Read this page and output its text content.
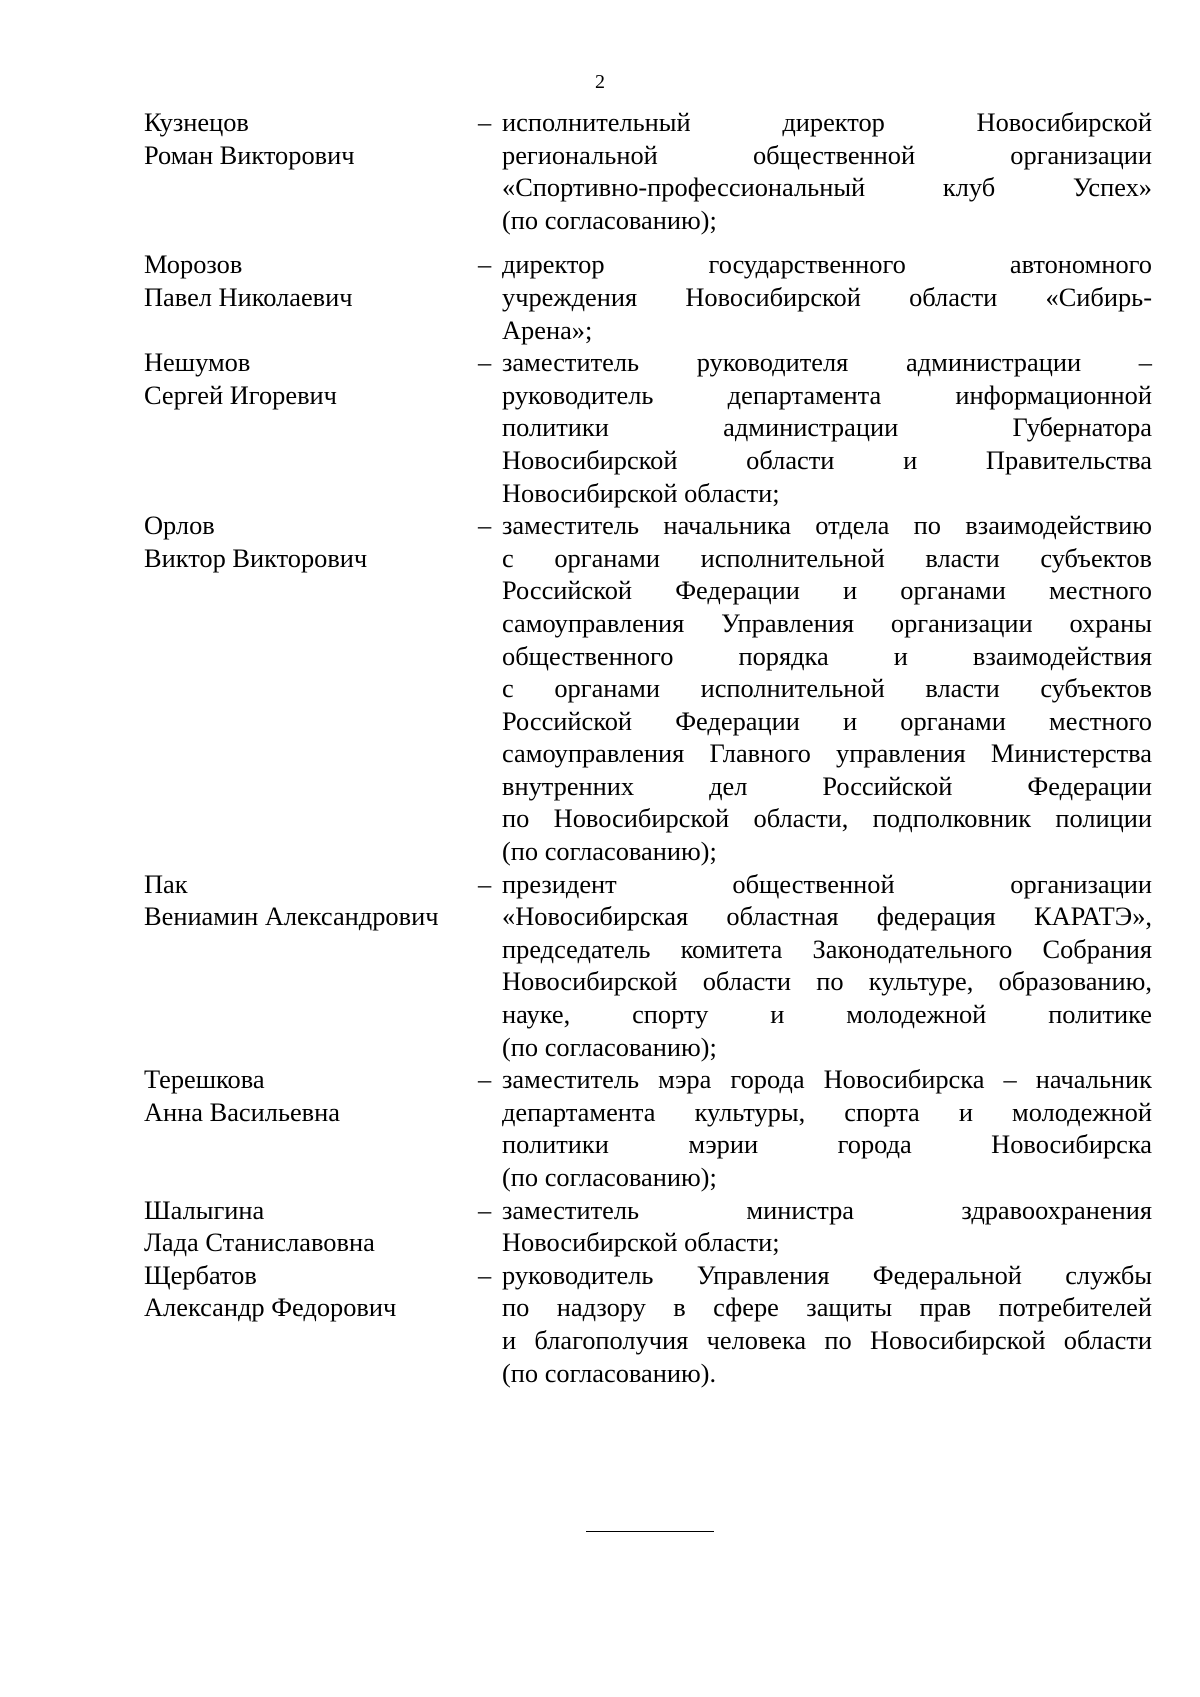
2
Кузнецов
Роман Викторович
– исполнительный директор Новосибирской
региональной общественной организации
«Спортивно-профессиональный клуб Успех»
(по согласованию);
Морозов
Павел Николаевич
– директор государственного автономного
учреждения Новосибирской области «Сибирь-
Арена»;
Нешумов
Сергей Игоревич
– заместитель руководителя администрации –
руководитель департамента информационной
политики администрации Губернатора
Новосибирской области и Правительства
Новосибирской области;
Орлов
Виктор Викторович
– заместитель начальника отдела по взаимодействию
с органами исполнительной власти субъектов
Российской Федерации и органами местного
самоуправления Управления организации охраны
общественного порядка и взаимодействия
с органами исполнительной власти субъектов
Российской Федерации и органами местного
самоуправления Главного управления Министерства
внутренних дел Российской Федерации
по Новосибирской области, подполковник полиции
(по согласованию);
Пак
Вениамин Александрович
– президент общественной организации
«Новосибирская областная федерация КАРАТЭ»,
председатель комитета Законодательного Собрания
Новосибирской области по культуре, образованию,
науке, спорту и молодежной политике
(по согласованию);
Терешкова
Анна Васильевна
– заместитель мэра города Новосибирска – начальник
департамента культуры, спорта и молодежной
политики мэрии города Новосибирска
(по согласованию);
Шалыгина
Лада Станиславовна
– заместитель министра здравоохранения
Новосибирской области;
Щербатов
Александр Федорович
– руководитель Управления Федеральной службы
по надзору в сфере защиты прав потребителей
и благополучия человека по Новосибирской области
(по согласованию).
